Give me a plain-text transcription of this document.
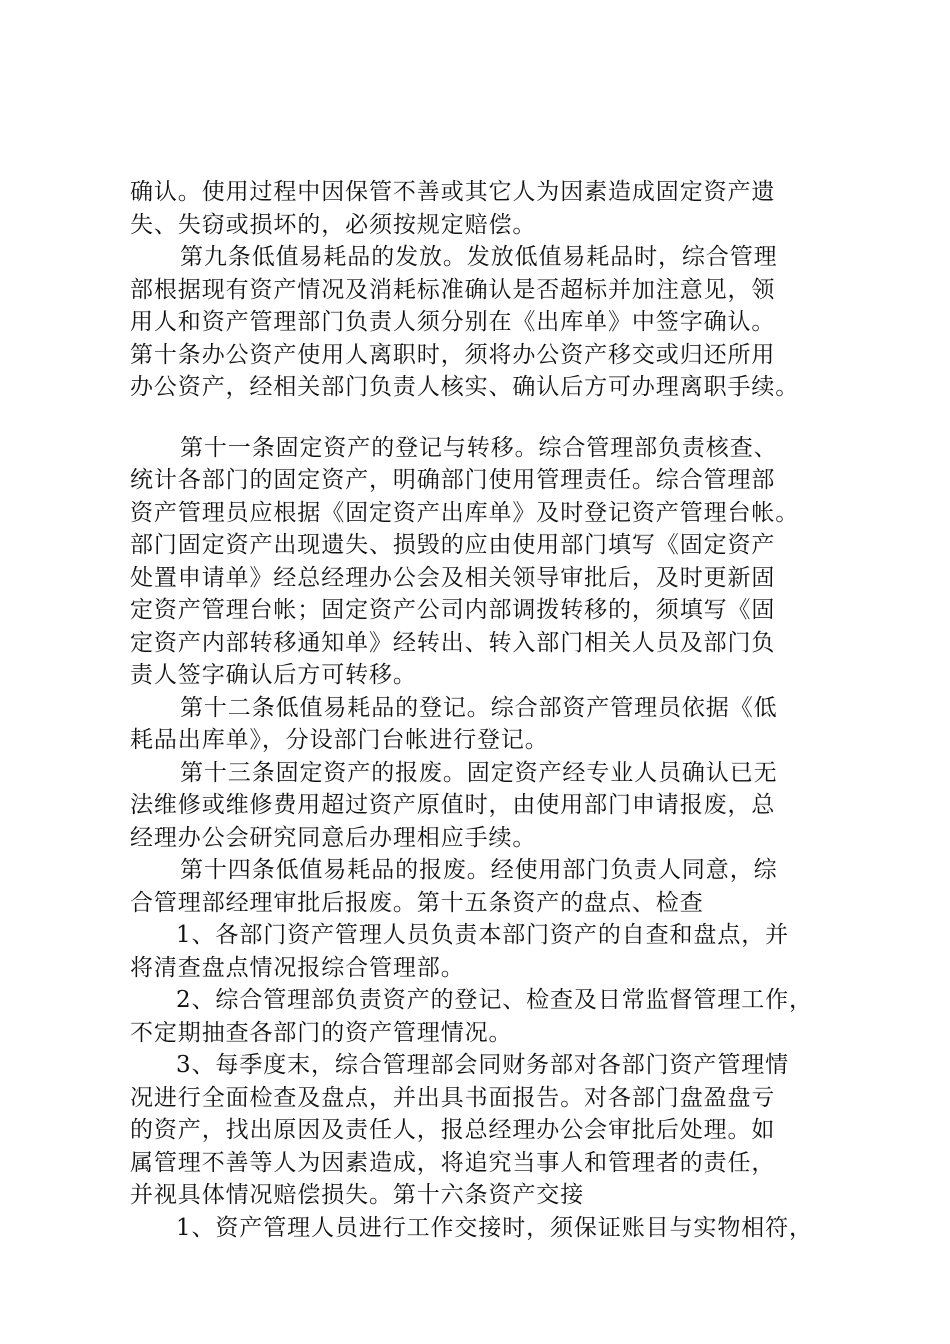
确认。使用过程中因保管不善或其它人为因素造成固定资产遗
失、失窃或损坏的，必须按规定赔偿。
第九条低值易耗品的发放。发放低值易耗品时，综合管理
部根据现有资产情况及消耗标准确认是否超标并加注意见，领
用人和资产管理部门负责人须分别在《出库单》中签字确认。
第十条办公资产使用人离职时，须将办公资产移交或归还所用
办公资产，经相关部门负责人核实、确认后方可办理离职手续。
第十一条固定资产的登记与转移。综合管理部负责核查、
统计各部门的固定资产，明确部门使用管理责任。综合管理部
资产管理员应根据《固定资产出库单》及时登记资产管理台帐。
部门固定资产出现遗失、损毁的应由使用部门填写《固定资产
处置申请单》经总经理办公会及相关领导审批后，及时更新固
定资产管理台帐；固定资产公司内部调拨转移的，须填写《固
定资产内部转移通知单》经转出、转入部门相关人员及部门负
责人签字确认后方可转移。
第十二条低值易耗品的登记。综合部资产管理员依据《低
耗品出库单》，分设部门台帐进行登记。
第十三条固定资产的报废。固定资产经专业人员确认已无
法维修或维修费用超过资产原值时，由使用部门申请报废，总
经理办公会研究同意后办理相应手续。
第十四条低值易耗品的报废。经使用部门负责人同意，综
合管理部经理审批后报废。第十五条资产的盘点、检查
1、各部门资产管理人员负责本部门资产的自查和盘点，并
将清查盘点情况报综合管理部。
2、综合管理部负责资产的登记、检查及日常监督管理工作，
不定期抽查各部门的资产管理情况。
3、每季度末，综合管理部会同财务部对各部门资产管理情
况进行全面检查及盘点，并出具书面报告。对各部门盘盈盘亏
的资产，找出原因及责任人，报总经理办公会审批后处理。如
属管理不善等人为因素造成，将追究当事人和管理者的责任，
并视具体情况赔偿损失。第十六条资产交接
1、资产管理人员进行工作交接时，须保证账目与实物相符，
